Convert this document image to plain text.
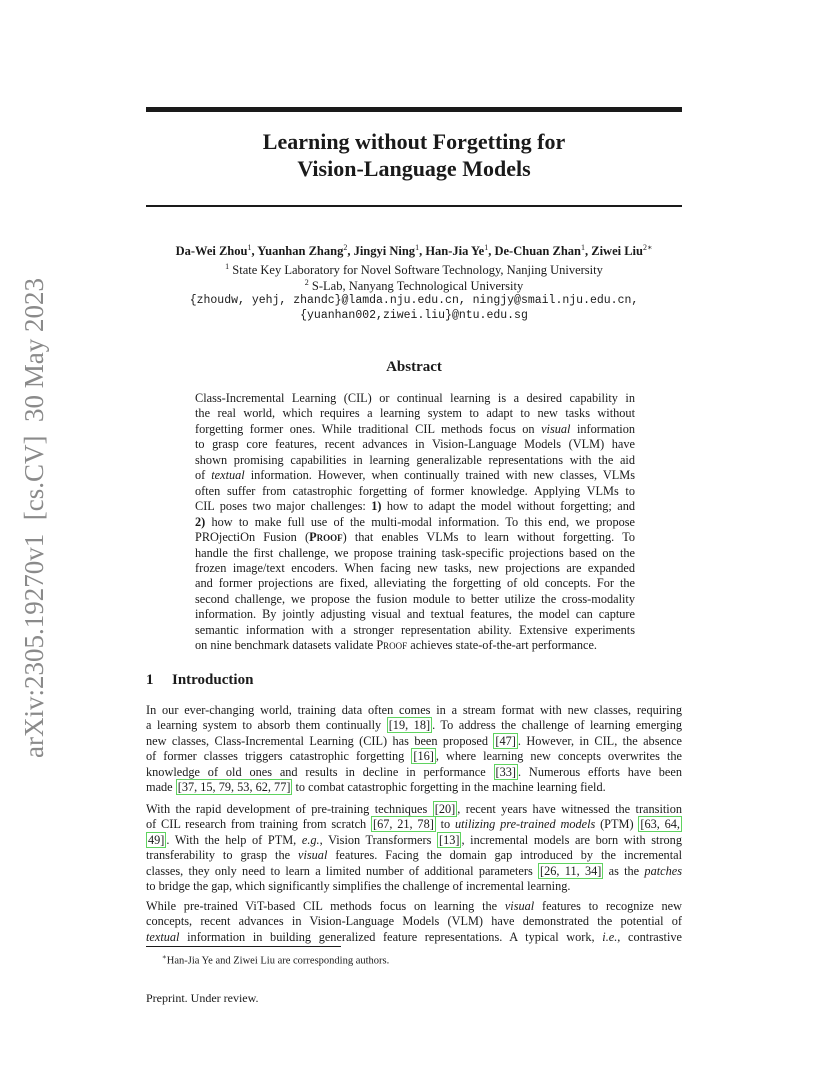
arXiv:2305.19270v1  [cs.CV]  30 May 2023
Learning without Forgetting for
Vision-Language Models
Da-Wei Zhou$^1$, Yuanhan Zhang$^2$, Jingyi Ning$^1$, Han-Jia Ye$^1$, De-Chuan Zhan$^1$, Ziwei Liu$^{2∗}$
$^1$ State Key Laboratory for Novel Software Technology, Nanjing University
$^2$ S-Lab, Nanyang Technological University
{zhoudw, yehj, zhandc}@lamda.nju.edu.cn, ningjy@smail.nju.edu.cn,
{yuanhan002,ziwei.liu}@ntu.edu.sg
Abstract
Class-Incremental Learning (CIL) or continual learning is a desired capability in
the real world, which requires a learning system to adapt to new tasks without
forgetting former ones. While traditional CIL methods focus on visual information
to grasp core features, recent advances in Vision-Language Models (VLM) have
shown promising capabilities in learning generalizable representations with the aid
of textual information. However, when continually trained with new classes, VLMs
often suffer from catastrophic forgetting of former knowledge. Applying VLMs to
CIL poses two major challenges: 1) how to adapt the model without forgetting; and
2) how to make full use of the multi-modal information. To this end, we propose
PROjectiOn Fusion (Proof) that enables VLMs to learn without forgetting. To
handle the first challenge, we propose training task-specific projections based on the
frozen image/text encoders. When facing new tasks, new projections are expanded
and former projections are fixed, alleviating the forgetting of old concepts. For the
second challenge, we propose the fusion module to better utilize the cross-modality
information. By jointly adjusting visual and textual features, the model can capture
semantic information with a stronger representation ability. Extensive experiments
on nine benchmark datasets validate Proof achieves state-of-the-art performance.
1 Introduction
In our ever-changing world, training data often comes in a stream format with new classes, requiring
a learning system to absorb them continually [19, 18] . To address the challenge of learning emerging
new classes, Class-Incremental Learning (CIL) has been proposed [47] . However, in CIL, the absence
of former classes triggers catastrophic forgetting [16] , where learning new concepts overwrites the
knowledge of old ones and results in decline in performance [33] . Numerous efforts have been
made [37, 15, 79, 53, 62, 77] to combat catastrophic forgetting in the machine learning field.
With the rapid development of pre-training techniques [20] , recent years have witnessed the transition
of CIL research from training from scratch [67, 21, 78] to utilizing pre-trained models (PTM) [63, 64,
49] . With the help of PTM, e.g., Vision Transformers [13] , incremental models are born with strong
transferability to grasp the visual features. Facing the domain gap introduced by the incremental
classes, they only need to learn a limited number of additional parameters [26, 11, 34] as the patches
to bridge the gap, which significantly simplifies the challenge of incremental learning.
While pre-trained ViT-based CIL methods focus on learning the visual features to recognize new
concepts, recent advances in Vision-Language Models (VLM) have demonstrated the potential of
textual information in building generalized feature representations. A typical work, i.e., contrastive
∗Han-Jia Ye and Ziwei Liu are corresponding authors.
Preprint. Under review.
